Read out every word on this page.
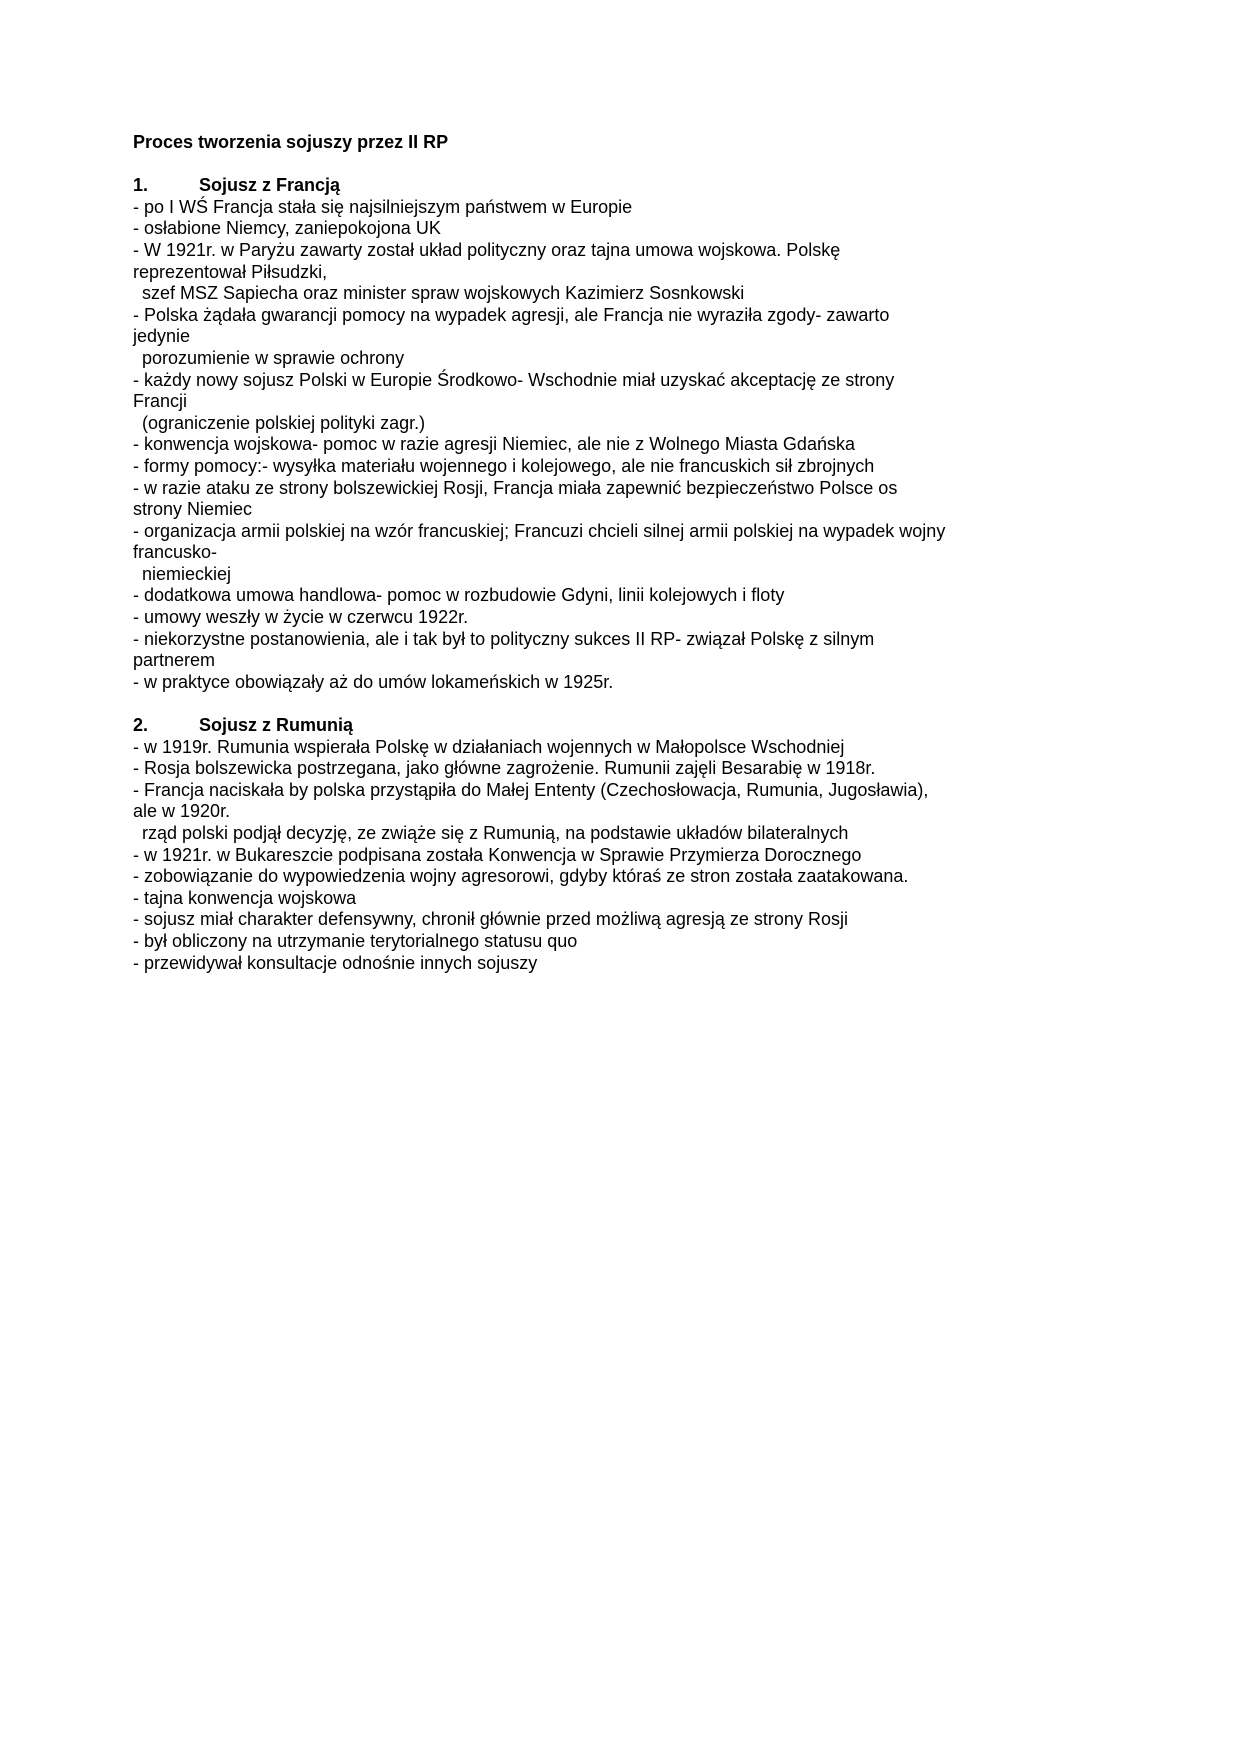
Proces tworzenia sojuszy przez II RP
1.	Sojusz z Francją
- po I WŚ Francja stała się najsilniejszym państwem w Europie
- osłabione Niemcy, zaniepokojona UK
- W 1921r. w Paryżu zawarty został układ polityczny oraz tajna umowa wojskowa. Polskę
reprezentował Piłsudzki,
szef MSZ Sapiecha oraz minister spraw wojskowych Kazimierz Sosnkowski
- Polska żądała gwarancji pomocy na wypadek agresji, ale Francja nie wyraziła zgody- zawarto
jedynie
porozumienie w sprawie ochrony
- każdy nowy sojusz Polski w Europie Środkowo- Wschodnie miał uzyskać akceptację ze strony
Francji
(ograniczenie polskiej polityki zagr.)
- konwencja wojskowa- pomoc w razie agresji Niemiec, ale nie z Wolnego Miasta Gdańska
- formy pomocy:- wysyłka materiału wojennego i kolejowego, ale nie francuskich sił zbrojnych
- w razie ataku ze strony bolszewickiej Rosji, Francja miała zapewnić bezpieczeństwo Polsce os
strony Niemiec
- organizacja armii polskiej na wzór francuskiej; Francuzi chcieli silnej armii polskiej na wypadek wojny
francusko-
niemieckiej
- dodatkowa umowa handlowa- pomoc w rozbudowie Gdyni, linii kolejowych i floty
- umowy weszły w życie w czerwcu 1922r.
- niekorzystne postanowienia, ale i tak był to polityczny sukces II RP- związał Polskę z silnym
partnerem
- w praktyce obowiązały aż do umów lokameńskich w 1925r.
2.	Sojusz z Rumunią
- w 1919r. Rumunia wspierała Polskę w działaniach wojennych w Małopolsce Wschodniej
- Rosja bolszewicka postrzegana, jako główne zagrożenie. Rumunii zajęli Besarabię w 1918r.
- Francja naciskała by polska przystąpiła do Małej Ententy (Czechosłowacja, Rumunia, Jugosławia),
ale w 1920r.
rząd polski podjął decyzję, ze zwiąże się z Rumunią, na podstawie układów bilateralnych
- w 1921r. w Bukareszcie podpisana została Konwencja w Sprawie Przymierza Dorocznego
- zobowiązanie do wypowiedzenia wojny agresorowi, gdyby któraś ze stron została zaatakowana.
- tajna konwencja wojskowa
- sojusz miał charakter defensywny, chronił głównie przed możliwą agresją ze strony Rosji
- był obliczony na utrzymanie terytorialnego statusu quo
- przewidywał konsultacje odnośnie innych sojuszy
